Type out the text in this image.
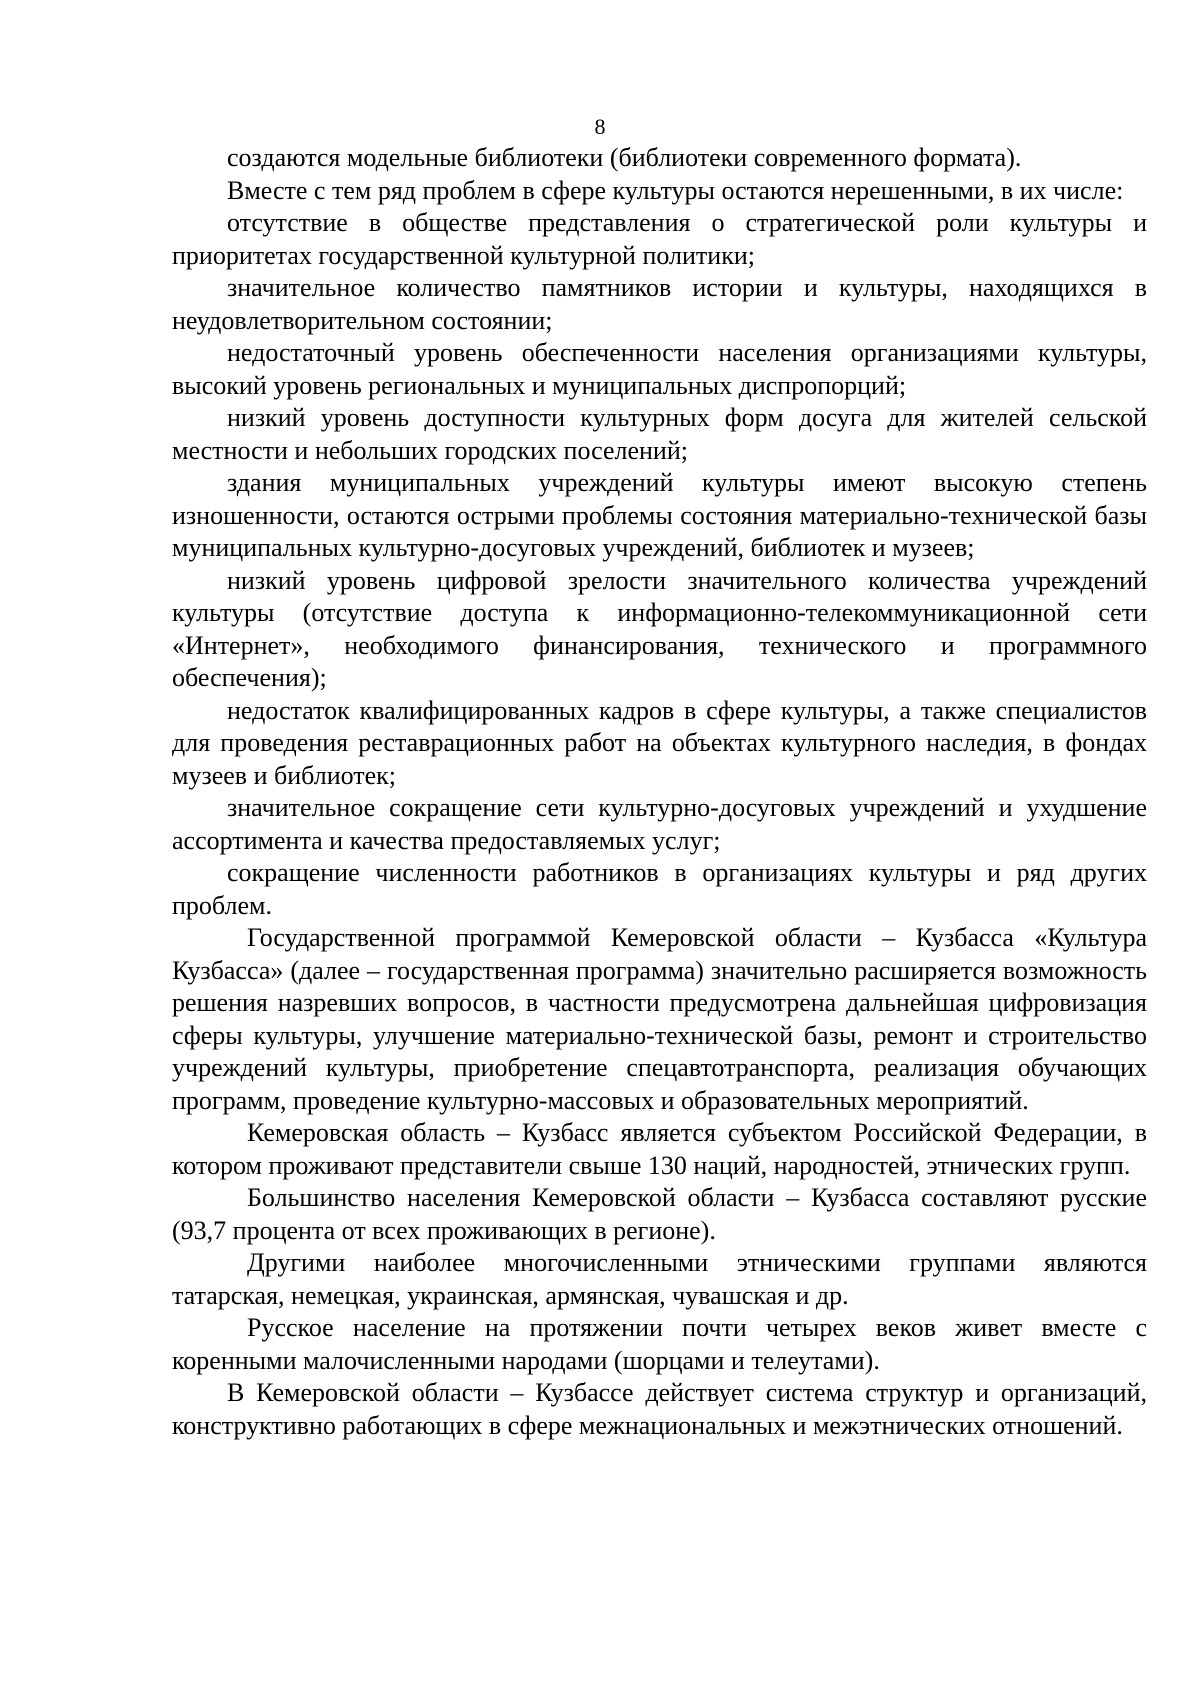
8

создаются модельные библиотеки (библиотеки современного формата).

Вместе с тем ряд проблем в сфере культуры остаются нерешенными, в их числе:

отсутствие в обществе представления о стратегической роли культуры и приоритетах государственной культурной политики;

значительное количество памятников истории и культуры, находящихся в неудовлетворительном состоянии;

недостаточный уровень обеспеченности населения организациями культуры, высокий уровень региональных и муниципальных диспропорций;

низкий уровень доступности культурных форм досуга для жителей сельской местности и небольших городских поселений;

здания муниципальных учреждений культуры имеют высокую степень изношенности, остаются острыми проблемы состояния материально-технической базы муниципальных культурно-досуговых учреждений, библиотек и музеев;

низкий уровень цифровой зрелости значительного количества учреждений культуры (отсутствие доступа к информационно-телекоммуникационной сети «Интернет», необходимого финансирования, технического и программного обеспечения);

недостаток квалифицированных кадров в сфере культуры, а также специалистов для проведения реставрационных работ на объектах культурного наследия, в фондах музеев и библиотек;

значительное сокращение сети культурно-досуговых учреждений и ухудшение ассортимента и качества предоставляемых услуг;

сокращение численности работников в организациях культуры и ряд других проблем.

Государственной программой Кемеровской области – Кузбасса «Культура Кузбасса» (далее – государственная программа) значительно расширяется возможность решения назревших вопросов, в частности предусмотрена дальнейшая цифровизация сферы культуры, улучшение материально-технической базы, ремонт и строительство учреждений культуры, приобретение спецавтотранспорта, реализация обучающих программ, проведение культурно-массовых и образовательных мероприятий.

Кемеровская область – Кузбасс является субъектом Российской Федерации, в котором проживают представители свыше 130 наций, народностей, этнических групп.

Большинство населения Кемеровской области – Кузбасса составляют русские (93,7 процента от всех проживающих в регионе).

Другими наиболее многочисленными этническими группами являются татарская, немецкая, украинская, армянская, чувашская и др.

Русское население на протяжении почти четырех веков живет вместе с коренными малочисленными народами (шорцами и телеутами).

В Кемеровской области – Кузбассе действует система структур и организаций, конструктивно работающих в сфере межнациональных и межэтнических отношений.
